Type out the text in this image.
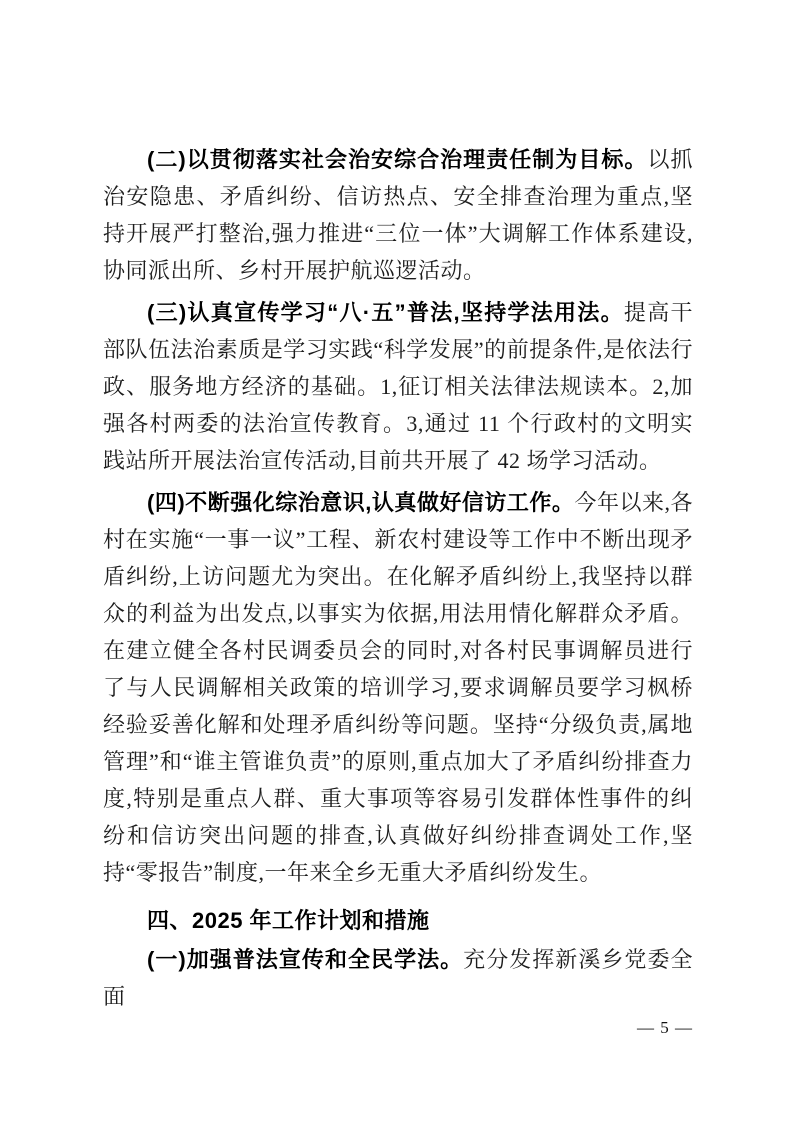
(二)以贯彻落实社会治安综合治理责任制为目标。以抓治安隐患、矛盾纠纷、信访热点、安全排查治理为重点,坚持开展严打整治,强力推进“三位一体”大调解工作体系建设,协同派出所、乡村开展护航巡逻活动。

(三)认真宣传学习“八·五”普法,坚持学法用法。提高干部队伍法治素质是学习实践“科学发展”的前提条件,是依法行政、服务地方经济的基础。1,征订相关法律法规读本。2,加强各村两委的法治宣传教育。3,通过 11 个行政村的文明实践站所开展法治宣传活动,目前共开展了 42 场学习活动。

(四)不断强化综治意识,认真做好信访工作。今年以来,各村在实施“一事一议”工程、新农村建设等工作中不断出现矛盾纠纷,上访问题尤为突出。在化解矛盾纠纷上,我坚持以群众的利益为出发点,以事实为依据,用法用情化解群众矛盾。在建立健全各村民调委员会的同时,对各村民事调解员进行了与人民调解相关政策的培训学习,要求调解员要学习枫桥经验妥善化解和处理矛盾纠纷等问题。坚持“分级负责,属地管理”和“谁主管谁负责”的原则,重点加大了矛盾纠纷排查力度,特别是重点人群、重大事项等容易引发群体性事件的纠纷和信访突出问题的排查,认真做好纠纷排查调处工作,坚持“零报告”制度,一年来全乡无重大矛盾纠纷发生。

四、2025 年工作计划和措施

(一)加强普法宣传和全民学法。充分发挥新溪乡党委全面

— 5 —
